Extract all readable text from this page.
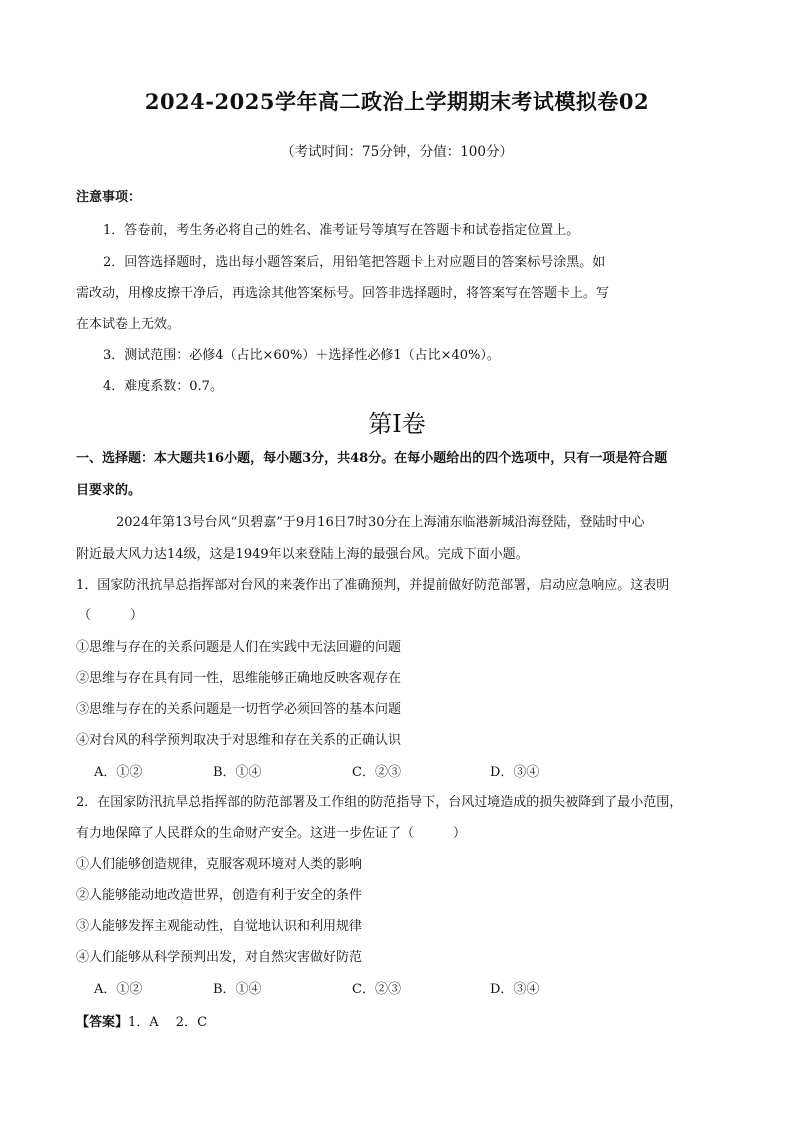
2024-2025学年高二政治上学期期末考试模拟卷02
（考试时间：75分钟，分值：100分）
注意事项：
1．答卷前，考生务必将自己的姓名、准考证号等填写在答题卡和试卷指定位置上。
2．回答选择题时，选出每小题答案后，用铅笔把答题卡上对应题目的答案标号涂黑。如
需改动，用橡皮擦干净后，再选涂其他答案标号。回答非选择题时，将答案写在答题卡上。写
在本试卷上无效。
3．测试范围：必修4（占比×60%）＋选择性必修1（占比×40%）。
4．难度系数：0.7。
第I卷
一、选择题：本大题共16小题，每小题3分，共48分。在每小题给出的四个选项中，只有一项是符合题
目要求的。
2024年第13号台风“贝碧嘉”于9月16日7时30分在上海浦东临港新城沿海登陆，登陆时中心
附近最大风力达14级，这是1949年以来登陆上海的最强台风。完成下面小题。
1．国家防汛抗旱总指挥部对台风的来袭作出了准确预判，并提前做好防范部署，启动应急响应。这表明
（　　　）
①思维与存在的关系问题是人们在实践中无法回避的问题
②思维与存在具有同一性，思维能够正确地反映客观存在
③思维与存在的关系问题是一切哲学必须回答的基本问题
④对台风的科学预判取决于对思维和存在关系的正确认识
A．①②	B．①④	C．②③	D．③④
2．在国家防汛抗旱总指挥部的防范部署及工作组的防范指导下，台风过境造成的损失被降到了最小范围，
有力地保障了人民群众的生命财产安全。这进一步佐证了（　　　）
①人们能够创造规律，克服客观环境对人类的影响
②人能够能动地改造世界，创造有利于安全的条件
③人能够发挥主观能动性，自觉地认识和利用规律
④人们能够从科学预判出发，对自然灾害做好防范
A．①②	B．①④	C．②③	D．③④
【答案】1．A　 2．C
